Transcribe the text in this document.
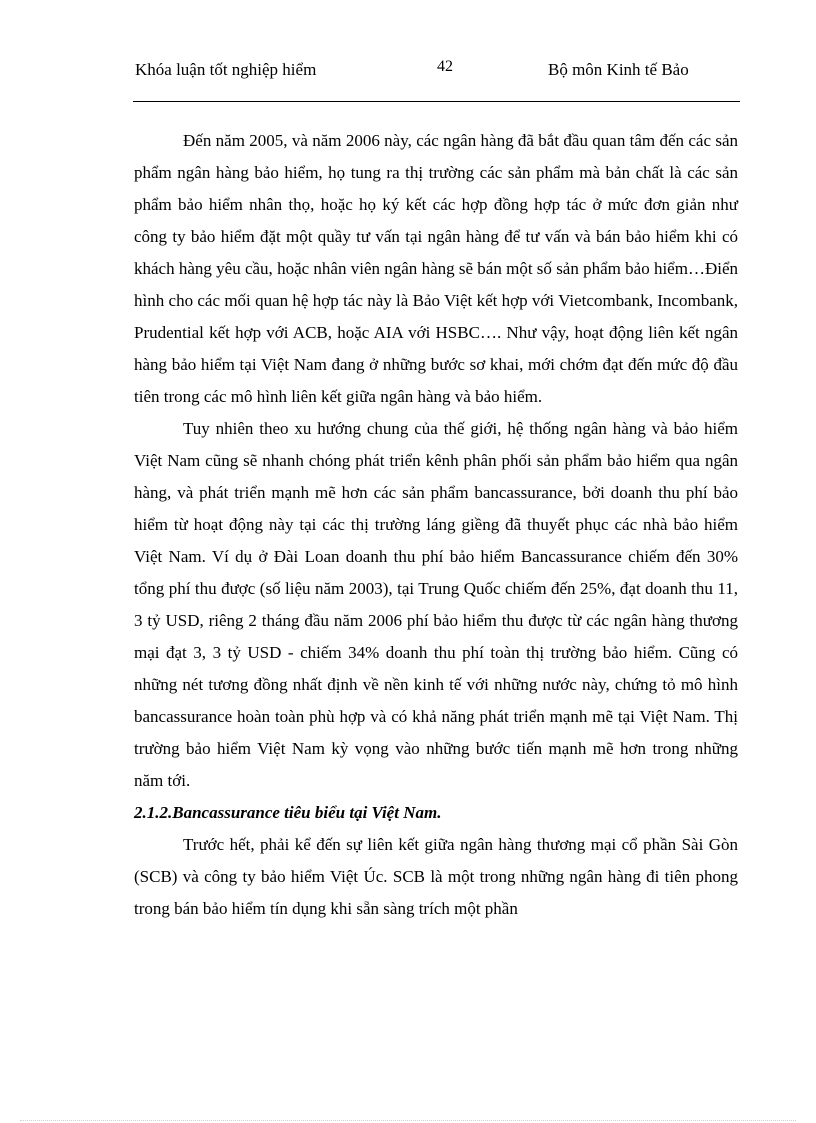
Khóa luận tốt nghiệp hiểm	42	Bộ môn Kinh tế Bảo

Đến năm 2005, và năm 2006 này, các ngân hàng đã bắt đầu quan tâm đến các sản phẩm ngân hàng bảo hiểm, họ tung ra thị trường các sản phẩm mà bản chất là các sản phẩm bảo hiểm nhân thọ, hoặc họ ký kết các hợp đồng hợp tác ở mức đơn giản như công ty bảo hiểm đặt một quầy tư vấn tại ngân hàng để tư vấn và bán bảo hiểm khi có khách hàng yêu cầu, hoặc nhân viên ngân hàng sẽ bán một số sản phẩm bảo hiểm…Điển hình cho các mối quan hệ hợp tác này là Bảo Việt kết hợp với Vietcombank, Incombank, Prudential kết hợp với ACB, hoặc AIA với HSBC…. Như vậy, hoạt động liên kết ngân hàng bảo hiểm tại Việt Nam đang ở những bước sơ khai, mới chớm đạt đến mức độ đầu tiên trong các mô hình liên kết giữa ngân hàng và bảo hiểm.

Tuy nhiên theo xu hướng chung của thế giới, hệ thống ngân hàng và bảo hiểm Việt Nam cũng sẽ nhanh chóng phát triển kênh phân phối sản phẩm bảo hiểm qua ngân hàng, và phát triển mạnh mẽ hơn các sản phẩm bancassurance, bởi doanh thu phí bảo hiểm từ hoạt động này tại các thị trường láng giềng đã thuyết phục các nhà bảo hiểm Việt Nam. Ví dụ ở Đài Loan doanh thu phí bảo hiểm Bancassurance chiếm đến 30% tổng phí thu được (số liệu năm 2003), tại Trung Quốc chiếm đến 25%, đạt doanh thu 11, 3 tỷ USD, riêng 2 tháng đầu năm 2006 phí bảo hiểm thu được từ các ngân hàng thương mại đạt 3, 3 tỷ USD - chiếm 34% doanh thu phí toàn thị trường bảo hiểm. Cũng có những nét tương đồng nhất định về nền kinh tế với những nước này, chứng tỏ mô hình bancassurance hoàn toàn phù hợp và có khả năng phát triển mạnh mẽ tại Việt Nam. Thị trường bảo hiểm Việt Nam kỳ vọng vào những bước tiến mạnh mẽ hơn trong những năm tới.

2.1.2.Bancassurance tiêu biểu tại Việt Nam.

Trước hết, phải kể đến sự liên kết giữa ngân hàng thương mại cổ phần Sài Gòn (SCB) và công ty bảo hiểm Việt Úc. SCB là một trong những ngân hàng đi tiên phong trong bán bảo hiểm tín dụng khi sẵn sàng trích một phần
